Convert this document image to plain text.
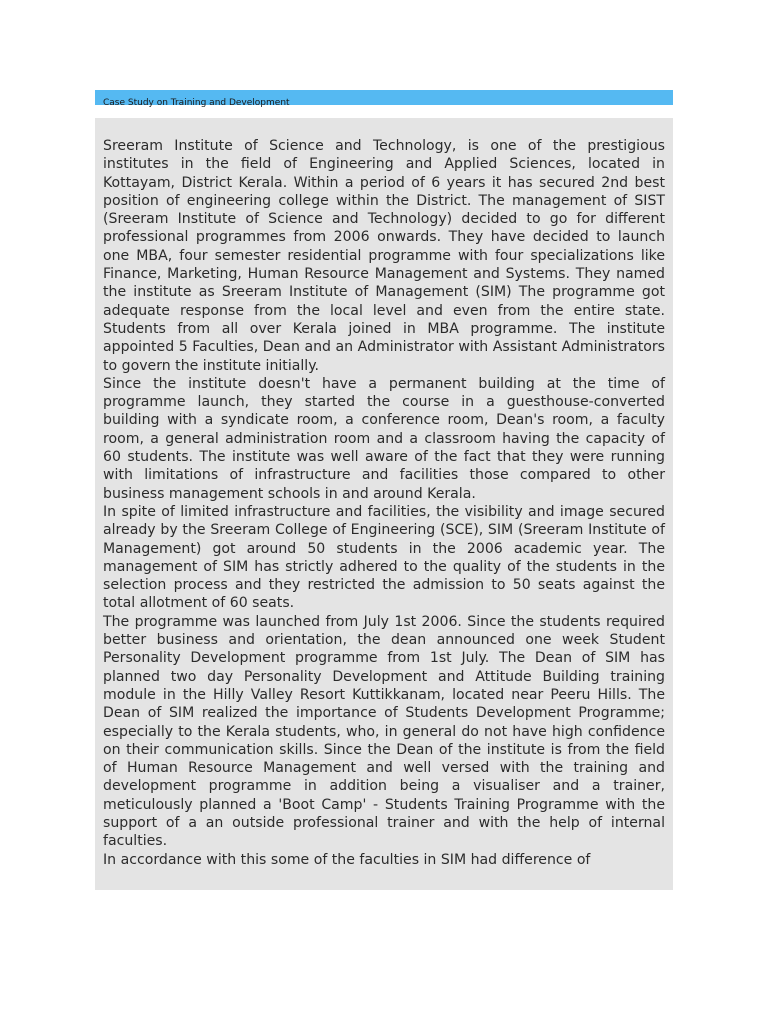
Case Study on Training and Development

Sreeram Institute of Science and Technology, is one of the prestigious institutes in the field of Engineering and Applied Sciences, located in Kottayam, District Kerala. Within a period of 6 years it has secured 2nd best position of engineering college within the District. The management of SIST (Sreeram Institute of Science and Technology) decided to go for different professional programmes from 2006 onwards. They have decided to launch one MBA, four semester residential programme with four specializations like Finance, Marketing, Human Resource Management and Systems. They named the institute as Sreeram Institute of Management (SIM) The programme got adequate response from the local level and even from the entire state. Students from all over Kerala joined in MBA programme. The institute appointed 5 Faculties, Dean and an Administrator with Assistant Administrators to govern the institute initially.

Since the institute doesn't have a permanent building at the time of programme launch, they started the course in a guesthouse-converted building with a syndicate room, a conference room, Dean's room, a faculty room, a general administration room and a classroom having the capacity of 60 students. The institute was well aware of the fact that they were running with limitations of infrastructure and facilities those compared to other business management schools in and around Kerala.

In spite of limited infrastructure and facilities, the visibility and image secured already by the Sreeram College of Engineering (SCE), SIM (Sreeram Institute of Management) got around 50 students in the 2006 academic year. The management of SIM has strictly adhered to the quality of the students in the selection process and they restricted the admission to 50 seats against the total allotment of 60 seats.

The programme was launched from July 1st 2006. Since the students required better business and orientation, the dean announced one week Student Personality Development programme from 1st July. The Dean of SIM has planned two day Personality Development and Attitude Building training module in the Hilly Valley Resort Kuttikkanam, located near Peeru Hills. The Dean of SIM realized the importance of Students Development Programme; especially to the Kerala students, who, in general do not have high confidence on their communication skills. Since the Dean of the institute is from the field of Human Resource Management and well versed with the training and development programme in addition being a visualiser and a trainer, meticulously planned a 'Boot Camp' - Students Training Programme with the support of a an outside professional trainer and with the help of internal faculties.

In accordance with this some of the faculties in SIM had difference of
